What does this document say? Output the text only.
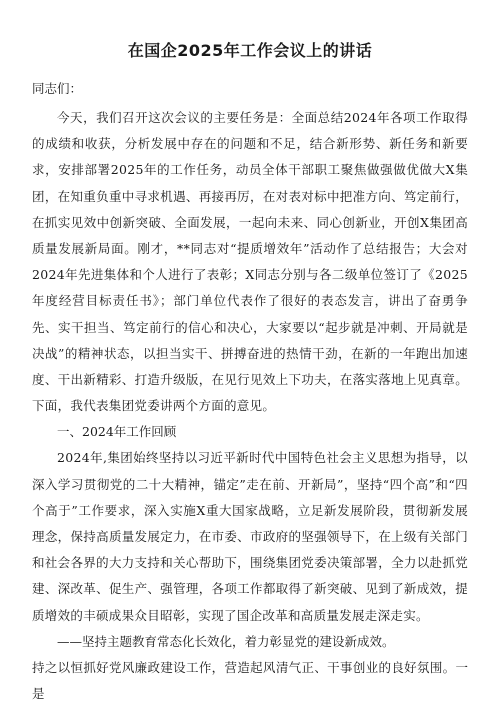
在国企2025年工作会议上的讲话
同志们：

今天，我们召开这次会议的主要任务是：全面总结2024年各项工作取得的成绩和收获，分析发展中存在的问题和不足，结合新形势、新任务和新要求，安排部署2025年的工作任务，动员全体干部职工聚焦做强做优做大X集团，在知重负重中寻求机遇、再接再厉，在对表对标中把准方向、笃定前行，在抓实见效中创新突破、全面发展，一起向未来、同心创新业，开创X集团高质量发展新局面。刚才，**同志对“提质增效年”活动作了总结报告；大会对2024年先进集体和个人进行了表彰；X同志分别与各二级单位签订了《2025年度经营目标责任书》；部门单位代表作了很好的表态发言，讲出了奋勇争先、实干担当、笃定前行的信心和决心，大家要以“起步就是冲刺、开局就是决战”的精神状态，以担当实干、拼搏奋进的热情干劲，在新的一年跑出加速度、干出新精彩、打造升级版，在见行见效上下功夫，在落实落地上见真章。下面，我代表集团党委讲两个方面的意见。

一、2024年工作回顾

2024年,集团始终坚持以习近平新时代中国特色社会主义思想为指导，以深入学习贯彻党的二十大精神，锚定”走在前、开新局”，坚持“四个高”和“四个高于”工作要求，深入实施X重大国家战略，立足新发展阶段，贯彻新发展理念，保持高质量发展定力，在市委、市政府的坚强领导下，在上级有关部门和社会各界的大力支持和关心帮助下，围绕集团党委决策部署，全力以赴抓党建、深改革、促生产、强管理，各项工作都取得了新突破、见到了新成效，提质增效的丰硕成果众目昭彰，实现了国企改革和高质量发展走深走实。

——坚持主题教育常态化长效化，着力彰显党的建设新成效。

持之以恒抓好党风廉政建设工作，营造起风清气正、干事创业的良好氛围。一是
